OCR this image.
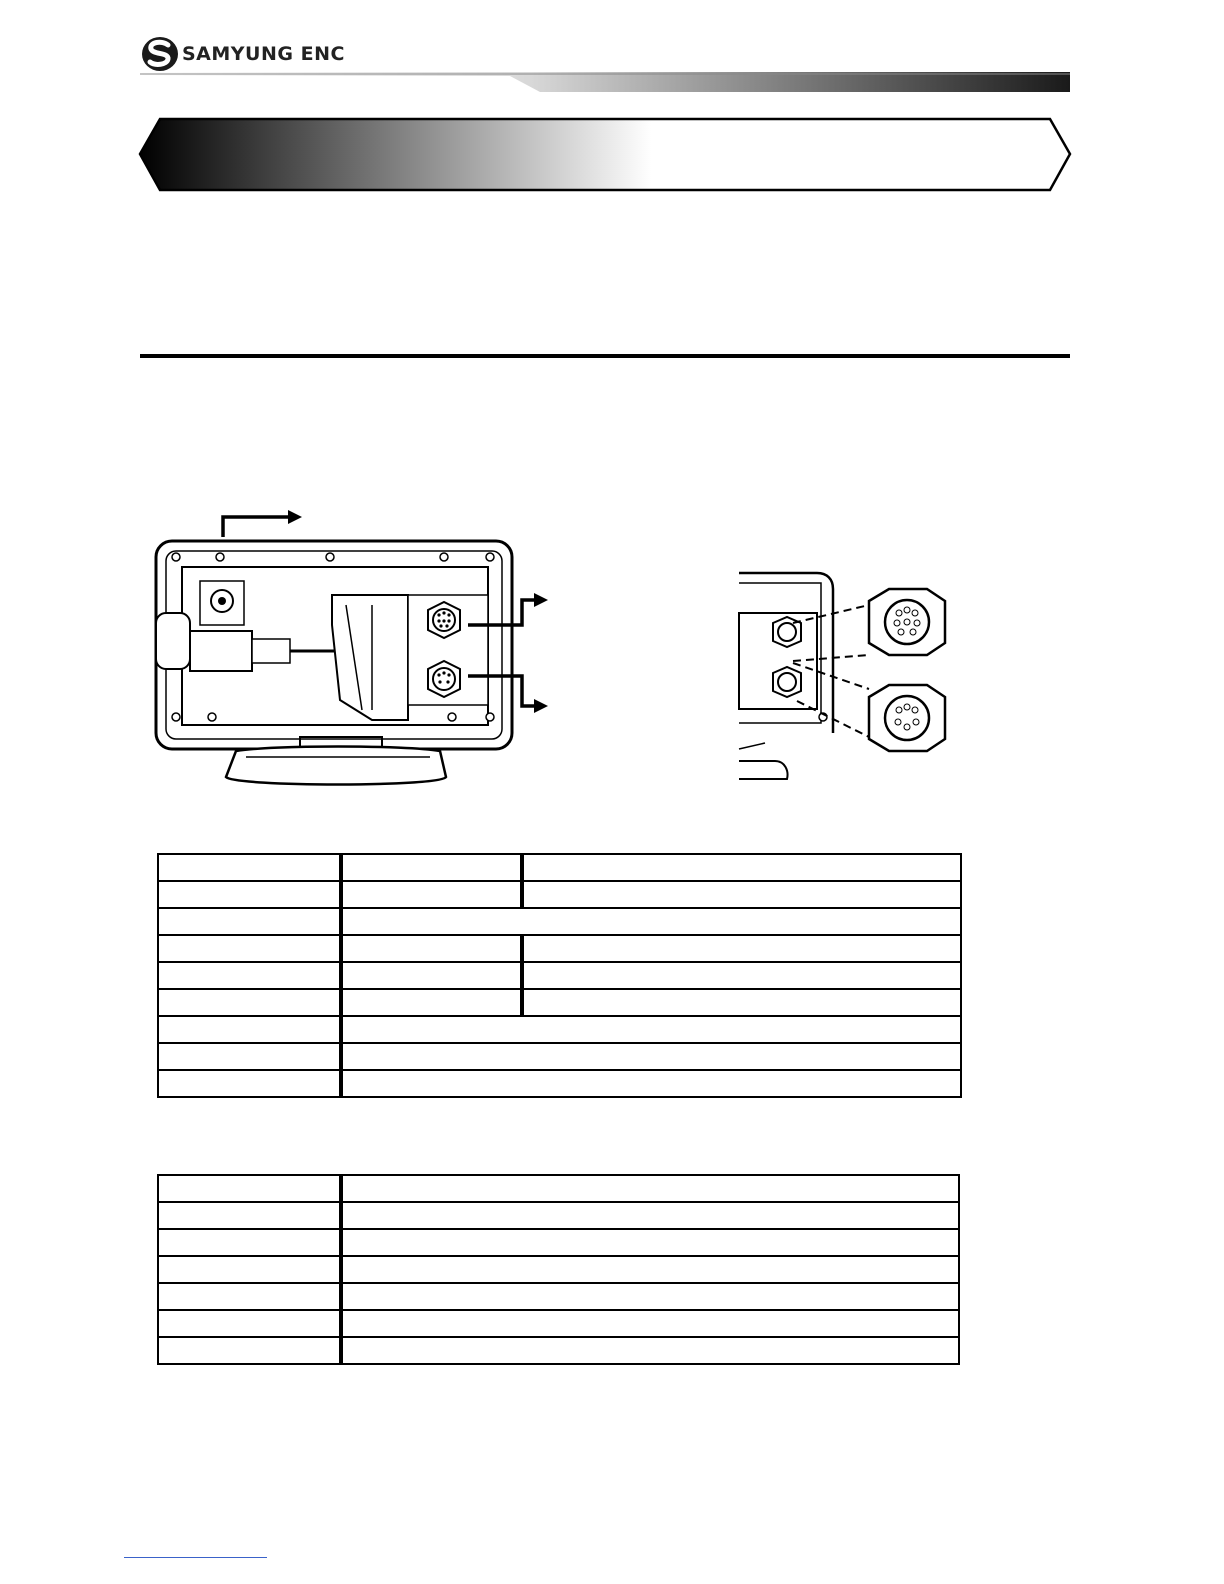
SAMYUNG ENC
